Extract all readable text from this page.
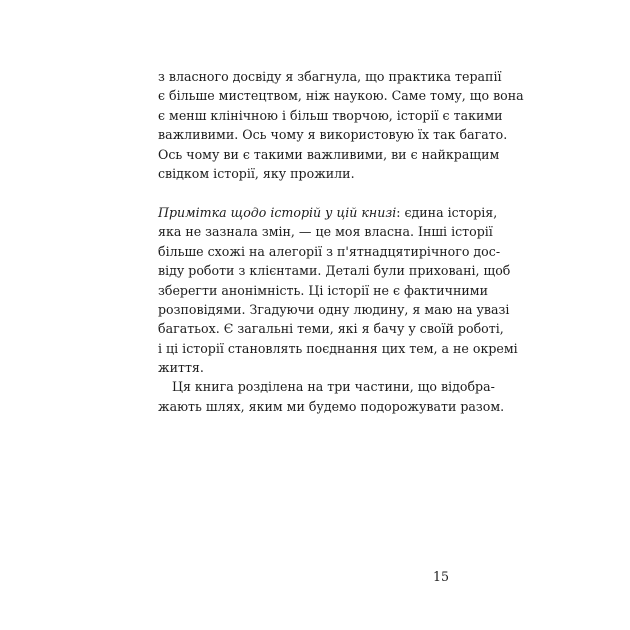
з власного досвіду я збагнула, що практика терапії
є більше мистецтвом, ніж наукою. Саме тому, що вона
є менш клінічною і більш творчою, історії є такими
важливими. Ось чому я використовую їх так багато.
Ось чому ви є такими важливими, ви є найкращим
свідком історії, яку прожили.
Примітка щодо історій у цій книзі: єдина історія,
яка не зазнала змін, — це моя власна. Інші історії
більше схожі на алегорії з п'ятнадцятирічного дос-
віду роботи з клієнтами. Деталі були приховані, щоб
зберегти анонімність. Ці історії не є фактичними
розповідями. Згадуючи одну людину, я маю на увазі
багатьох. Є загальні теми, які я бачу у своїй роботі,
і ці історії становлять поєднання цих тем, а не окремі
життя.
Ця книга розділена на три частини, що відобра-
жають шлях, яким ми будемо подорожувати разом.
15
